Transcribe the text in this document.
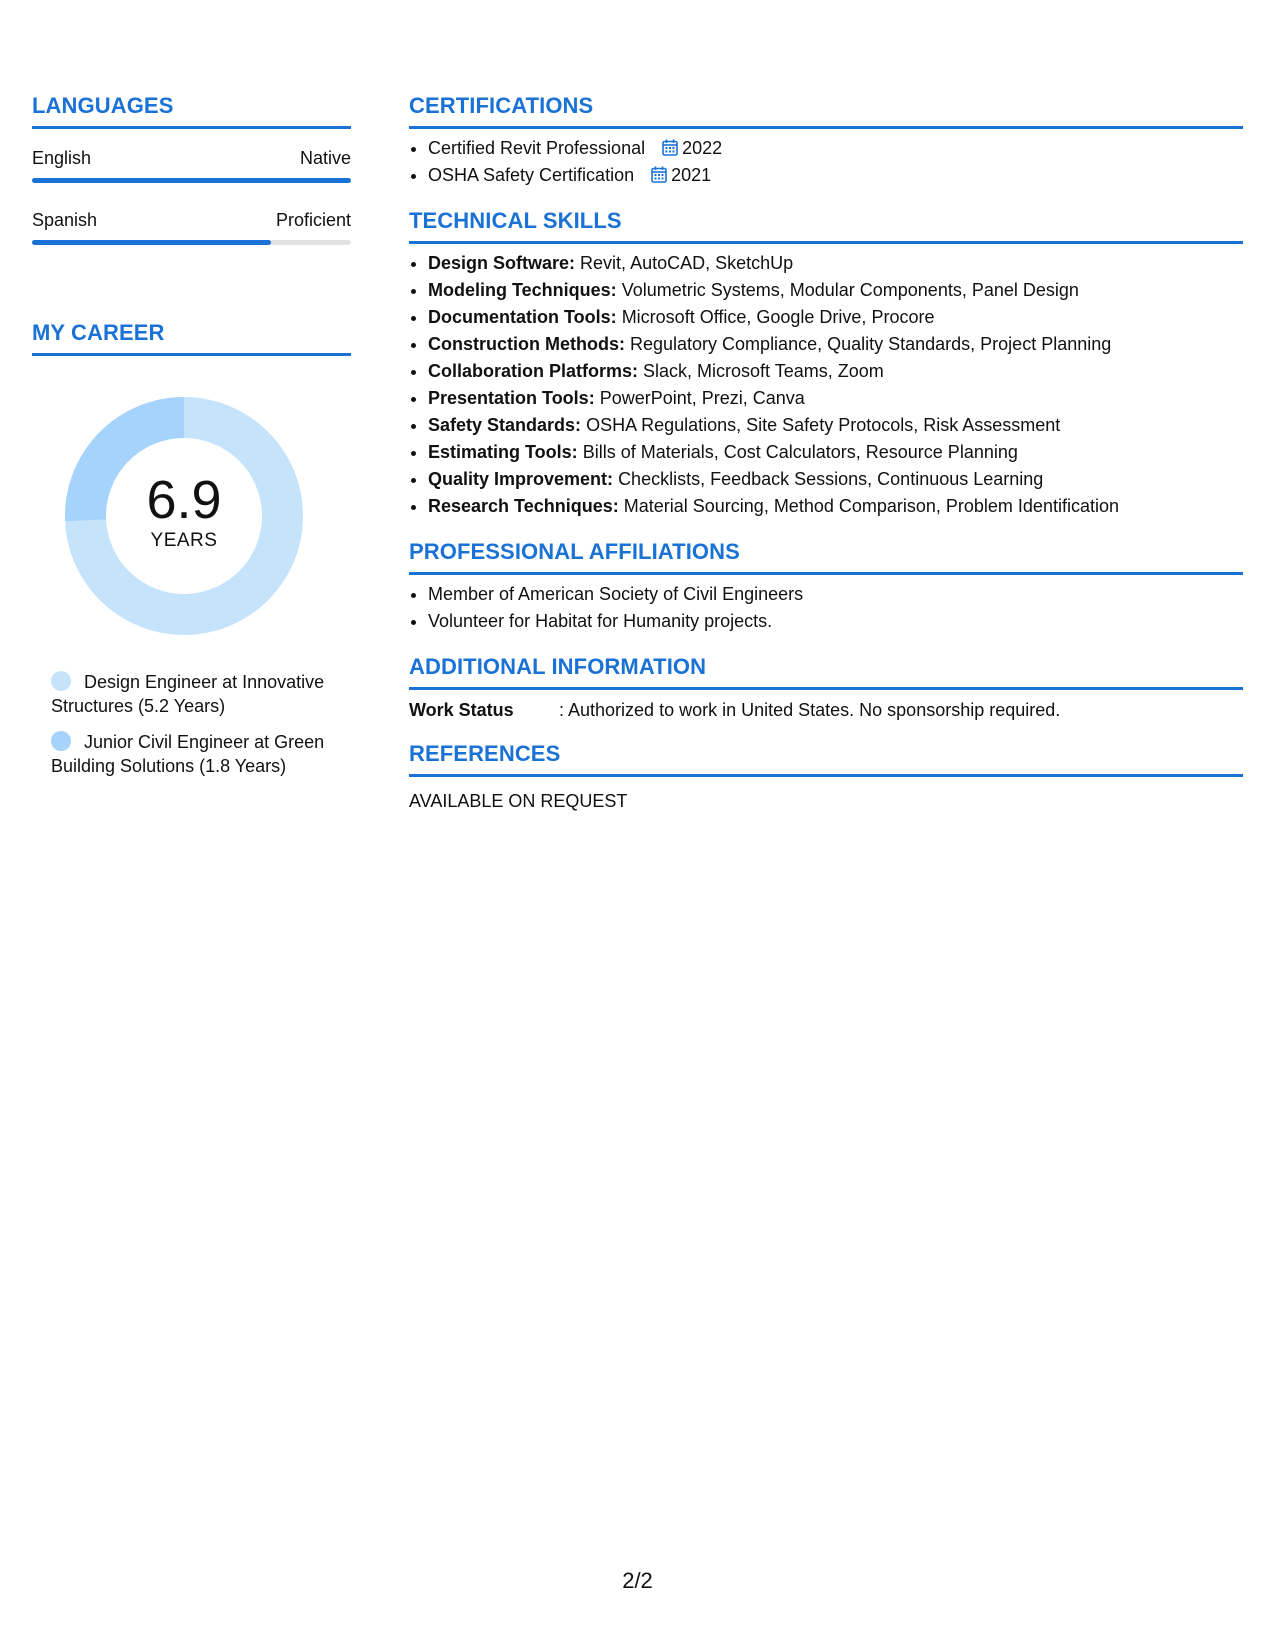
LANGUAGES
English	Native
Spanish	Proficient
MY CAREER
6.9
YEARS
Design Engineer at Innovative Structures (5.2 Years)
Junior Civil Engineer at Green Building Solutions (1.8 Years)
CERTIFICATIONS
• Certified Revit Professional 2022
• OSHA Safety Certification 2021
TECHNICAL SKILLS
• Design Software: Revit, AutoCAD, SketchUp
• Modeling Techniques: Volumetric Systems, Modular Components, Panel Design
• Documentation Tools: Microsoft Office, Google Drive, Procore
• Construction Methods: Regulatory Compliance, Quality Standards, Project Planning
• Collaboration Platforms: Slack, Microsoft Teams, Zoom
• Presentation Tools: PowerPoint, Prezi, Canva
• Safety Standards: OSHA Regulations, Site Safety Protocols, Risk Assessment
• Estimating Tools: Bills of Materials, Cost Calculators, Resource Planning
• Quality Improvement: Checklists, Feedback Sessions, Continuous Learning
• Research Techniques: Material Sourcing, Method Comparison, Problem Identification
PROFESSIONAL AFFILIATIONS
• Member of American Society of Civil Engineers
• Volunteer for Habitat for Humanity projects.
ADDITIONAL INFORMATION
Work Status	: Authorized to work in United States. No sponsorship required.
REFERENCES
AVAILABLE ON REQUEST
2/2
